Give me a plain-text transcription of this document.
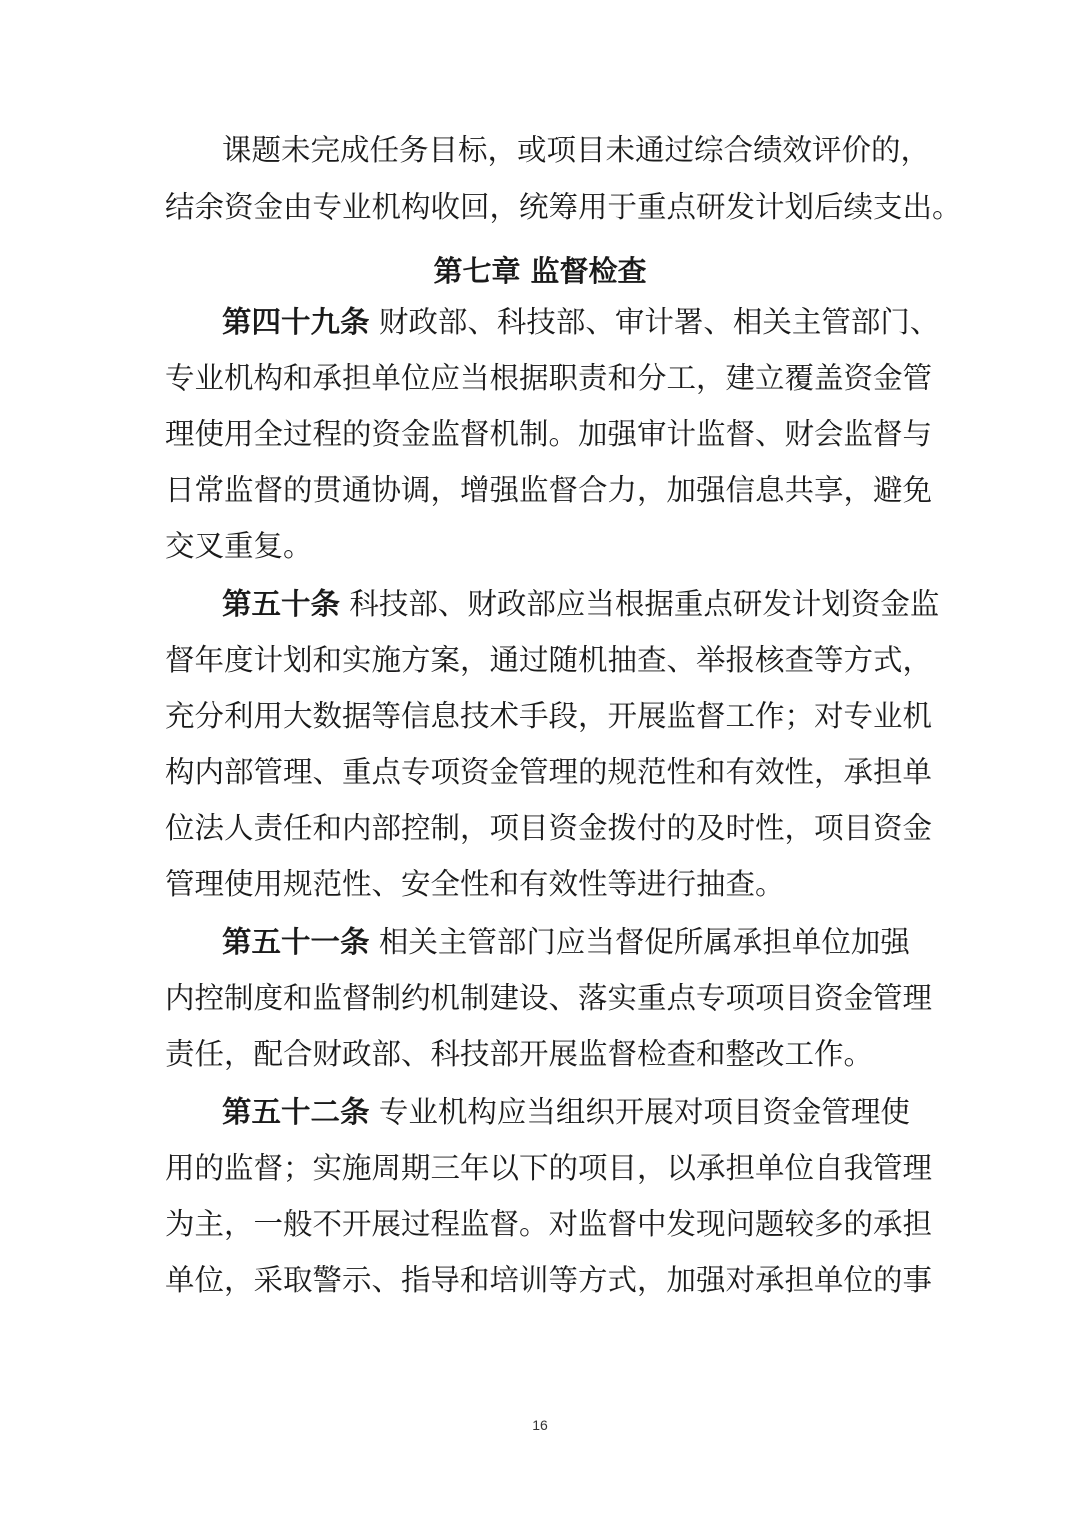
课题未完成任务目标，或项目未通过综合绩效评价的，
结余资金由专业机构收回，统筹用于重点研发计划后续支出。
第七章 监督检查
第四十九条 财政部、科技部、审计署、相关主管部门、
专业机构和承担单位应当根据职责和分工，建立覆盖资金管
理使用全过程的资金监督机制。加强审计监督、财会监督与
日常监督的贯通协调，增强监督合力，加强信息共享，避免
交叉重复。
第五十条 科技部、财政部应当根据重点研发计划资金监
督年度计划和实施方案，通过随机抽查、举报核查等方式，
充分利用大数据等信息技术手段，开展监督工作；对专业机
构内部管理、重点专项资金管理的规范性和有效性，承担单
位法人责任和内部控制，项目资金拨付的及时性，项目资金
管理使用规范性、安全性和有效性等进行抽查。
第五十一条 相关主管部门应当督促所属承担单位加强
内控制度和监督制约机制建设、落实重点专项项目资金管理
责任，配合财政部、科技部开展监督检查和整改工作。
第五十二条 专业机构应当组织开展对项目资金管理使
用的监督；实施周期三年以下的项目，以承担单位自我管理
为主，一般不开展过程监督。对监督中发现问题较多的承担
单位，采取警示、指导和培训等方式，加强对承担单位的事
16
